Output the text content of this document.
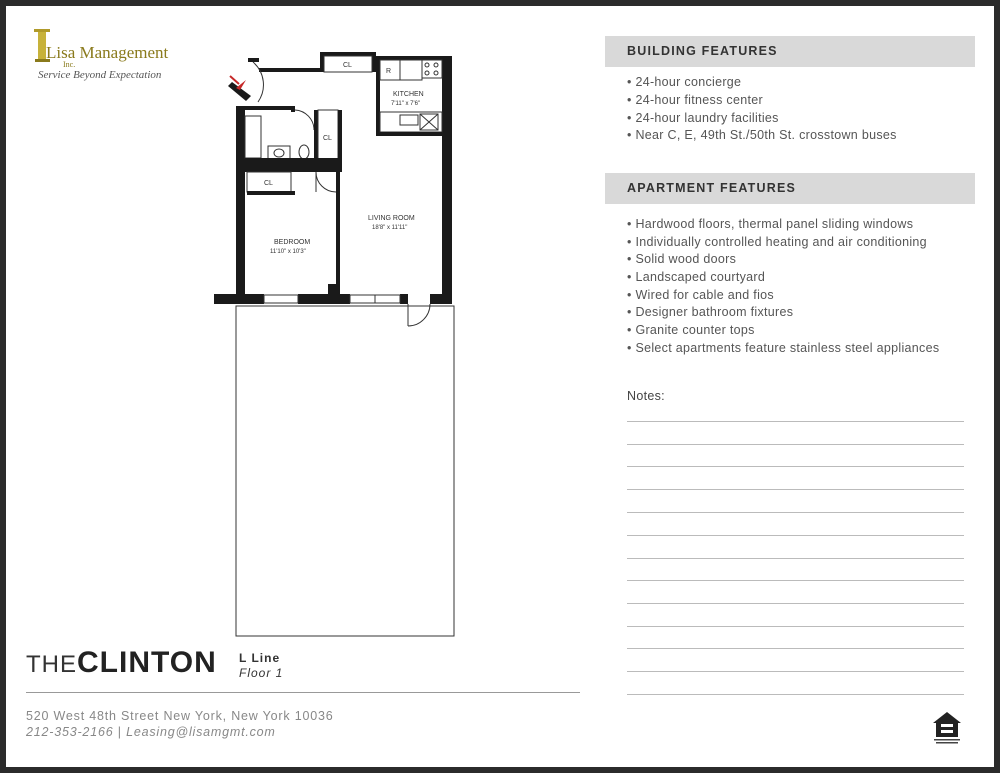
Lisa Management
Inc.
Service Beyond Expectation
CL
R
KITCHEN
7'11" x 7'6"
CL
CL
LIVING ROOM
18'8" x 11'11"
BEDROOM
11'10" x 10'3"
THECLINTON L Line
Floor 1
520 West 48th Street New York, New York 10036
212-353-2166 | Leasing@lisamgmt.com
BUILDING FEATURES
• 24-hour concierge
• 24-hour fitness center
• 24-hour laundry facilities
• Near C, E, 49th St./50th St. crosstown buses
APARTMENT FEATURES
• Hardwood floors, thermal panel sliding windows
• Individually controlled heating and air conditioning
• Solid wood doors
• Landscaped courtyard
• Wired for cable and fios
• Designer bathroom fixtures
• Granite counter tops
• Select apartments feature stainless steel appliances
Notes:
